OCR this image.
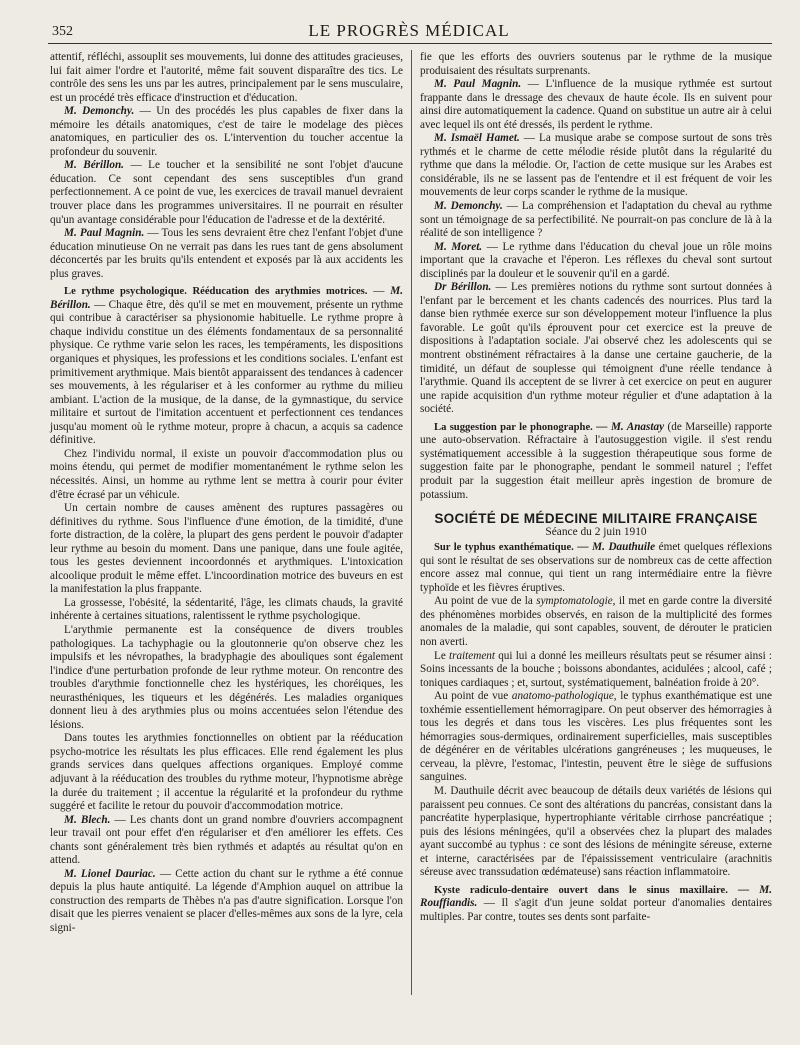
352	LE PROGRÈS MÉDICAL

attentif, réfléchi, assouplit ses mouvements, lui donne des attitudes gracieuses, lui fait aimer l'ordre et l'autorité, même fait souvent disparaître des tics. Le contrôle des sens les uns par les autres, principalement par le sens musculaire, est un procédé très efficace d'instruction et d'éducation.

M. Demonchy. — Un des procédés les plus capables de fixer dans la mémoire les détails anatomiques, c'est de taire le modelage des pièces anatomiques, en particulier des os. L'intervention du toucher accentue la profondeur du souvenir.

M. Bérillon. — Le toucher et la sensibilité ne sont l'objet d'aucune éducation. Ce sont cependant des sens susceptibles d'un grand perfectionnement. A ce point de vue, les exercices de travail manuel devraient trouver place dans les programmes universitaires. Il ne pourrait en résulter qu'un avantage considérable pour l'éducation de l'adresse et de la dextérité.

M. Paul Magnin. — Tous les sens devraient être chez l'enfant l'objet d'une éducation minutieuse On ne verrait pas dans les rues tant de gens absolument déconcertés par les bruits qu'ils entendent et exposés par là aux accidents les plus graves.

Le rythme psychologique. Rééducation des arythmies motrices. — M. Bérillon. — Chaque être, dès qu'il se met en mouvement, présente un rythme qui contribue à caractériser sa physionomie habituelle. Le rythme propre à chaque individu constitue un des éléments fondamentaux de sa personnalité physique. Ce rythme varie selon les races, les tempéraments, les dispositions organiques et physiques, les professions et les conditions sociales. L'enfant est primitivement arythmique. Mais bientôt apparaissent des tendances à cadencer ses mouvements, à les régulariser et à les conformer au rythme du milieu ambiant. L'action de la musique, de la danse, de la gymnastique, du service militaire et surtout de l'imitation accentuent et perfectionnent ces tendances jusqu'au moment où le rythme moteur, propre à chacun, a acquis sa cadence définitive.

Chez l'individu normal, il existe un pouvoir d'accommodation plus ou moins étendu, qui permet de modifier momentanément le rythme selon les nécessités. Ainsi, un homme au rythme lent se mettra à courir pour éviter d'être écrasé par un véhicule.

Un certain nombre de causes amènent des ruptures passagères ou définitives du rythme. Sous l'influence d'une émotion, de la timidité, d'une forte distraction, de la colère, la plupart des gens perdent le pouvoir d'adapter leur rythme au besoin du moment. Dans une panique, dans une foule agitée, tous les gestes deviennent incoordonnés et arythmiques. L'intoxication alcoolique produit le même effet. L'incoordination motrice des buveurs en est la manifestation la plus frappante.

La grossesse, l'obésité, la sédentarité, l'âge, les climats chauds, la gravité inhérente à certaines situations, ralentissent le rythme psychologique.

L'arythmie permanente est la conséquence de divers troubles pathologiques. La tachyphagie ou la gloutonnerie qu'on observe chez les impulsifs et les névropathes, la bradyphagie des abouliques sont également l'indice d'une perturbation profonde de leur rythme moteur. On rencontre des troubles d'arythmie fonctionnelle chez les hystériques, les choréiques, les neurasthéniques, les tiqueurs et les dégénérés. Les maladies organiques donnent lieu à des arythmies plus ou moins accentuées selon l'étendue des lésions.

Dans toutes les arythmies fonctionnelles on obtient par la rééducation psycho-motrice les résultats les plus efficaces. Elle rend également les plus grands services dans quelques affections organiques. Employé comme adjuvant à la rééducation des troubles du rythme moteur, l'hypnotisme abrège la durée du traitement ; il accentue la régularité et la profondeur du rythme suggéré et facilite le retour du pouvoir d'accommodation motrice.

M. Blech. — Les chants dont un grand nombre d'ouvriers accompagnent leur travail ont pour effet d'en régulariser et d'en améliorer les effets. Ces chants sont généralement très bien rythmés et adaptés au résultat qu'on en attend.

M. Lionel Dauriac. — Cette action du chant sur le rythme a été connue depuis la plus haute antiquité. La légende d'Amphion auquel on attribue la construction des remparts de Thèbes n'a pas d'autre signification. Lorsque l'on disait que les pierres venaient se placer d'elles-mêmes aux sons de la lyre, cela signi-

fie que les efforts des ouvriers soutenus par le rythme de la musique produisaient des résultats surprenants.

M. Paul Magnin. — L'influence de la musique rythmée est surtout frappante dans le dressage des chevaux de haute école. Ils en suivent pour ainsi dire automatiquement la cadence. Quand on substitue un autre air à celui avec lequel ils ont été dressés, ils perdent le rythme.

M. Ismaël Hamet. — La musique arabe se compose surtout de sons très rythmés et le charme de cette mélodie réside plutôt dans la régularité du rythme que dans la mélodie. Or, l'action de cette musique sur les Arabes est considérable, ils ne se lassent pas de l'entendre et il est fréquent de voir les mouvements de leur corps scander le rythme de la musique.

M. Demonchy. — La compréhension et l'adaptation du cheval au rythme sont un témoignage de sa perfectibilité. Ne pourrait-on pas conclure de là à la réalité de son intelligence ?

M. Moret. — Le rythme dans l'éducation du cheval joue un rôle moins important que la cravache et l'éperon. Les réflexes du cheval sont surtout disciplinés par la douleur et le souvenir qu'il en a gardé.

Dr Bérillon. — Les premières notions du rythme sont surtout données à l'enfant par le bercement et les chants cadencés des nourrices. Plus tard la danse bien rythmée exerce sur son développement moteur l'influence la plus favorable. Le goût qu'ils éprouvent pour cet exercice est la preuve de dispositions à l'adaptation sociale. J'ai observé chez les adolescents qui se montrent obstinément réfractaires à la danse une certaine gaucherie, de la timidité, un défaut de souplesse qui témoignent d'une réelle tendance à l'arythmie. Quand ils acceptent de se livrer à cet exercice on peut en augurer une rapide acquisition d'un rythme moteur régulier et d'une adaptation à la société.

La suggestion par le phonographe. — M. Anastay (de Marseille) rapporte une auto-observation. Réfractaire à l'autosuggestion vigile. il s'est rendu systématiquement accessible à la suggestion thérapeutique sous forme de suggestion faite par le phonographe, pendant le sommeil naturel ; l'effet produit par la suggestion était meilleur après ingestion de bromure de potassium.

SOCIÉTÉ DE MÉDECINE MILITAIRE FRANÇAISE
Séance du 2 juin 1910

Sur le typhus exanthématique. — M. Dauthuile émet quelques réflexions qui sont le résultat de ses observations sur de nombreux cas de cette affection encore assez mal connue, qui tient un rang intermédiaire entre la fièvre typhoïde et les fièvres éruptives.

Au point de vue de la symptomatologie, il met en garde contre la diversité des phénomènes morbides observés, en raison de la multiplicité des formes anomales de la maladie, qui sont capables, souvent, de dérouter le praticien non averti.

Le traitement qui lui a donné les meilleurs résultats peut se résumer ainsi : Soins incessants de la bouche ; boissons abondantes, acidulées ; alcool, café ; toniques cardiaques ; et, surtout, systématiquement, balnéation froide à 20°.

Au point de vue anatomo-pathologique, le typhus exanthématique est une toxhémie essentiellement hémorragipare. On peut observer des hémorragies à tous les degrés et dans tous les viscères. Les plus fréquentes sont les hémorragies sous-dermiques, ordinairement superficielles, mais susceptibles de dégénérer en de véritables ulcérations gangréneuses ; les muqueuses, le cerveau, la plèvre, l'estomac, l'intestin, peuvent être le siège de suffusions sanguines.

M. Dauthuile décrit avec beaucoup de détails deux variétés de lésions qui paraissent peu connues. Ce sont des altérations du pancréas, consistant dans la pancréatite hyperplasique, hypertrophiante véritable cirrhose pancréatique ; puis des lésions méningées, qu'il a observées chez la plupart des malades ayant succombé au typhus : ce sont des lésions de méningite séreuse, externe et interne, caractérisées par de l'épaississement ventriculaire (arachnitis séreuse avec transsudation œdémateuse) sans réaction inflammatoire.

Kyste radiculo-dentaire ouvert dans le sinus maxillaire. — M. Rouffiandis. — Il s'agit d'un jeune soldat porteur d'anomalies dentaires multiples. Par contre, toutes ses dents sont parfaite-
